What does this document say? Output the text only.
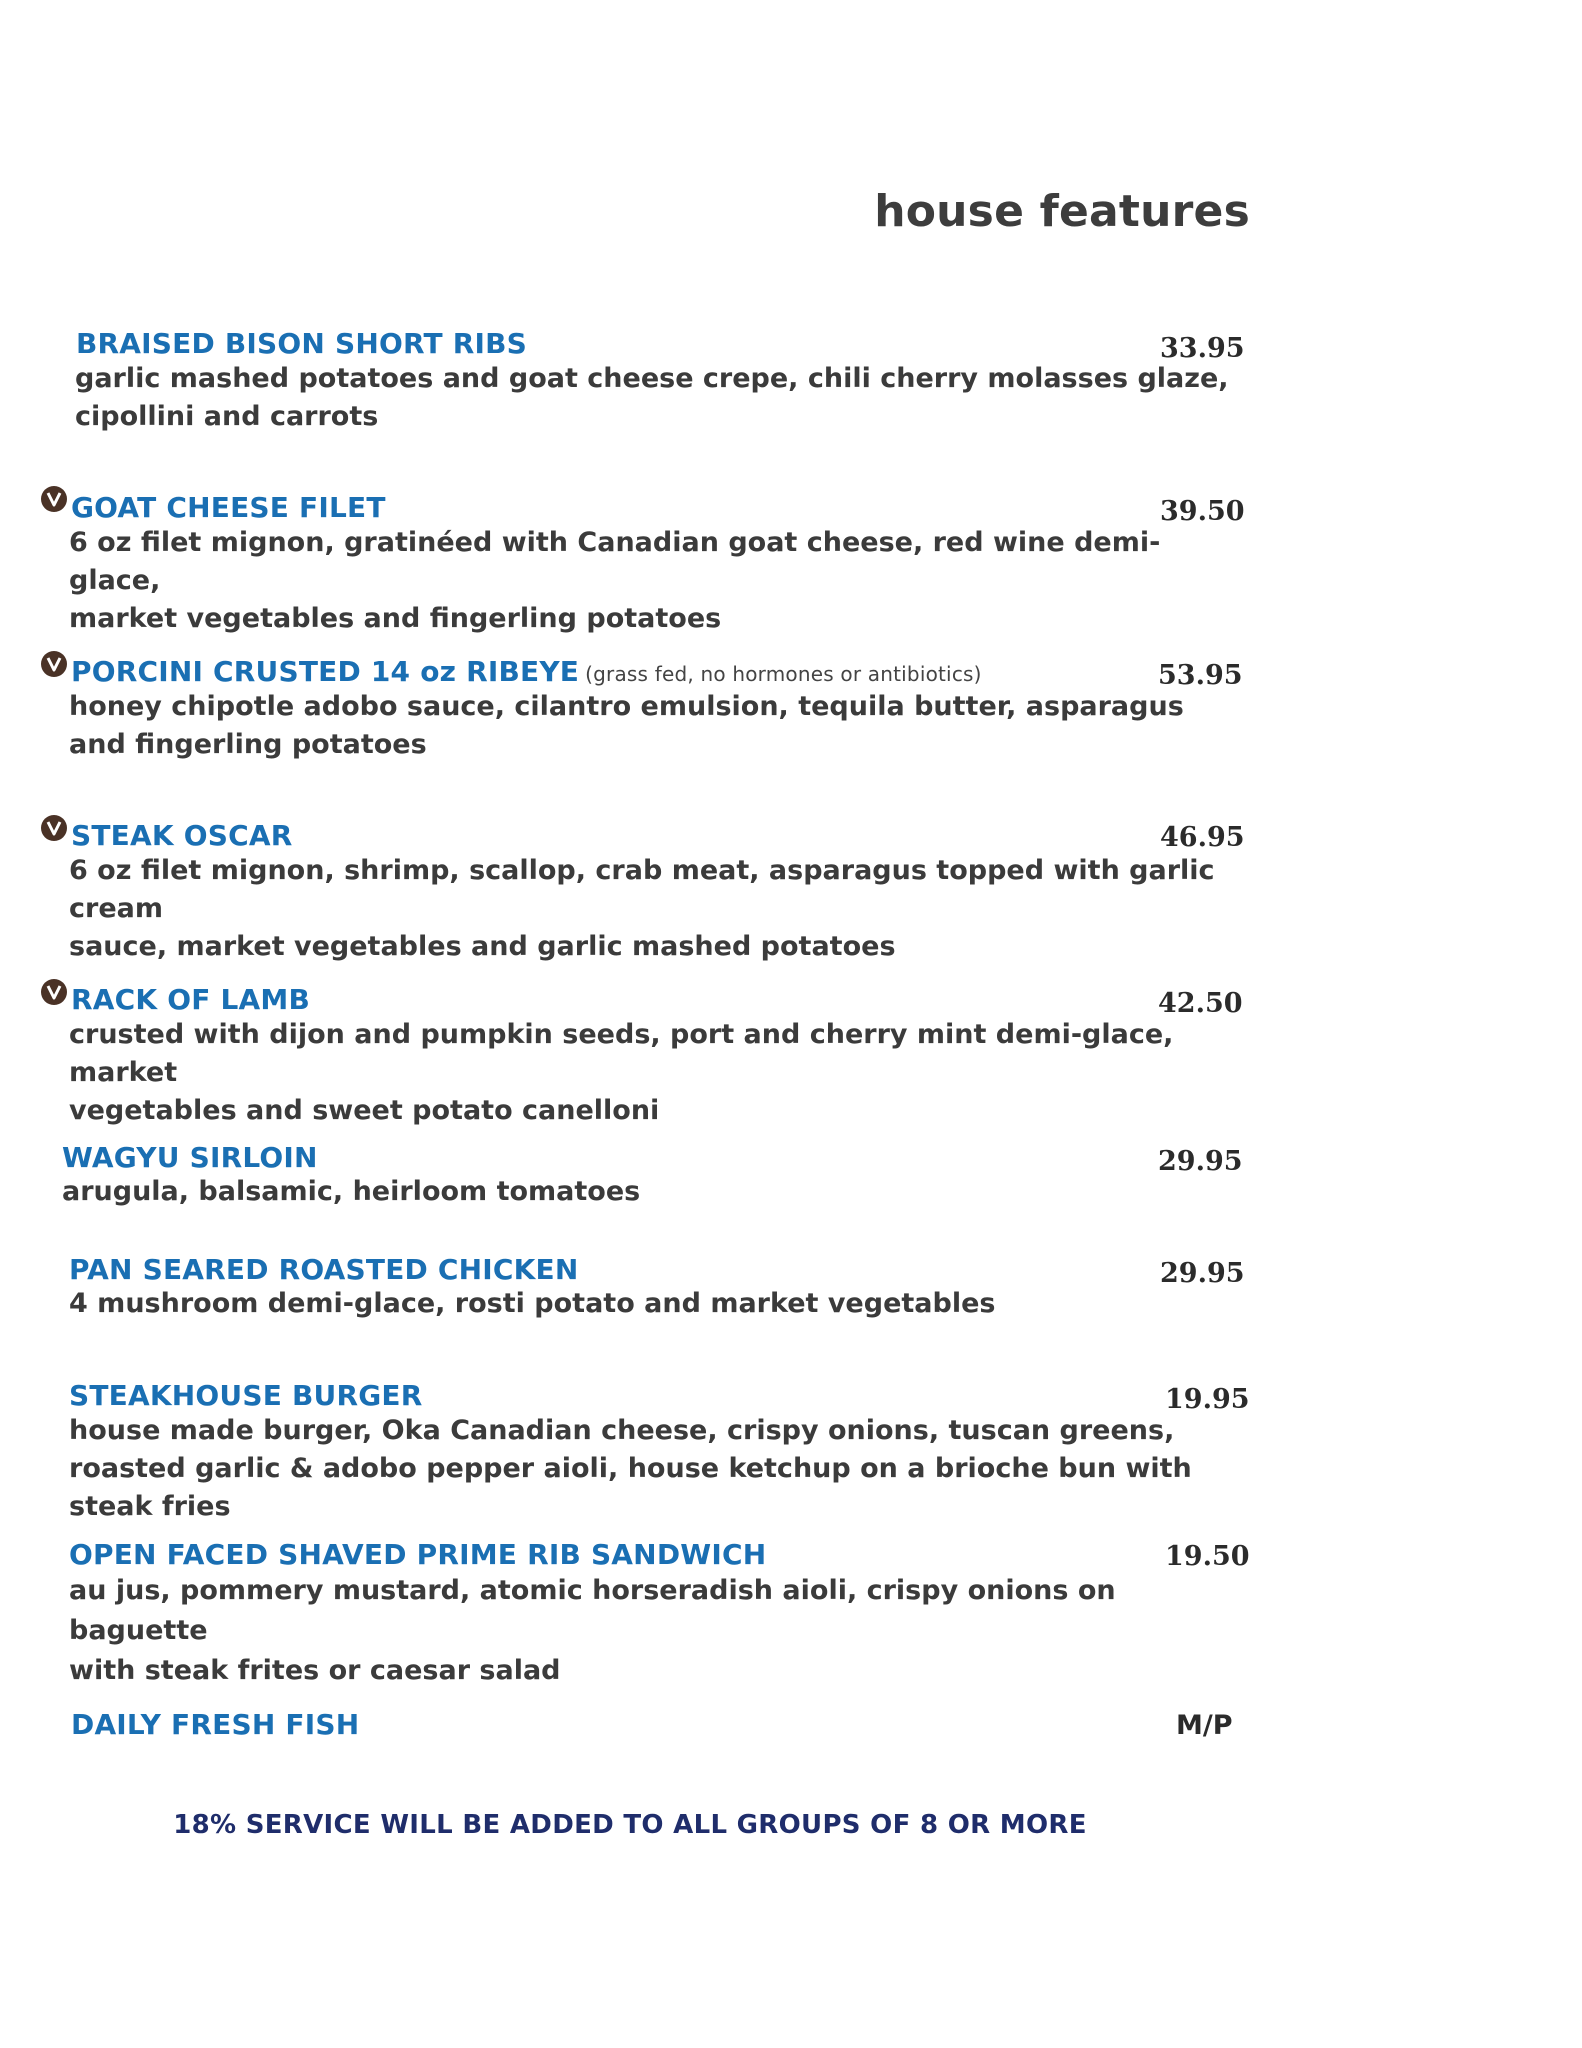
house features
BRAISED BISON SHORT RIBS	33.95
garlic mashed potatoes and goat cheese crepe, chili cherry molasses glaze,
cipollini and carrots
GOAT CHEESE FILET	39.50
6 oz filet mignon, gratinéed with Canadian goat cheese, red wine demi-glace,
market vegetables and fingerling potatoes
PORCINI CRUSTED 14 oz RIBEYE (grass fed, no hormones or antibiotics)	53.95
honey chipotle adobo sauce, cilantro emulsion, tequila butter, asparagus
and fingerling potatoes
STEAK OSCAR	46.95
6 oz filet mignon, shrimp, scallop, crab meat, asparagus topped with garlic cream
sauce, market vegetables and garlic mashed potatoes
RACK OF LAMB	42.50
crusted with dijon and pumpkin seeds, port and cherry mint demi-glace, market
vegetables and sweet potato canelloni
WAGYU SIRLOIN	29.95
arugula, balsamic, heirloom tomatoes
PAN SEARED ROASTED CHICKEN	29.95
4 mushroom demi-glace, rosti potato and market vegetables
STEAKHOUSE BURGER	19.95
house made burger, Oka Canadian cheese, crispy onions, tuscan greens,
roasted garlic & adobo pepper aioli, house ketchup on a brioche bun with steak fries
OPEN FACED SHAVED PRIME RIB SANDWICH	19.50
au jus, pommery mustard, atomic horseradish aioli, crispy onions on baguette
with steak frites or caesar salad
DAILY FRESH FISH	M/P
18% SERVICE WILL BE ADDED TO ALL GROUPS OF 8 OR MORE
